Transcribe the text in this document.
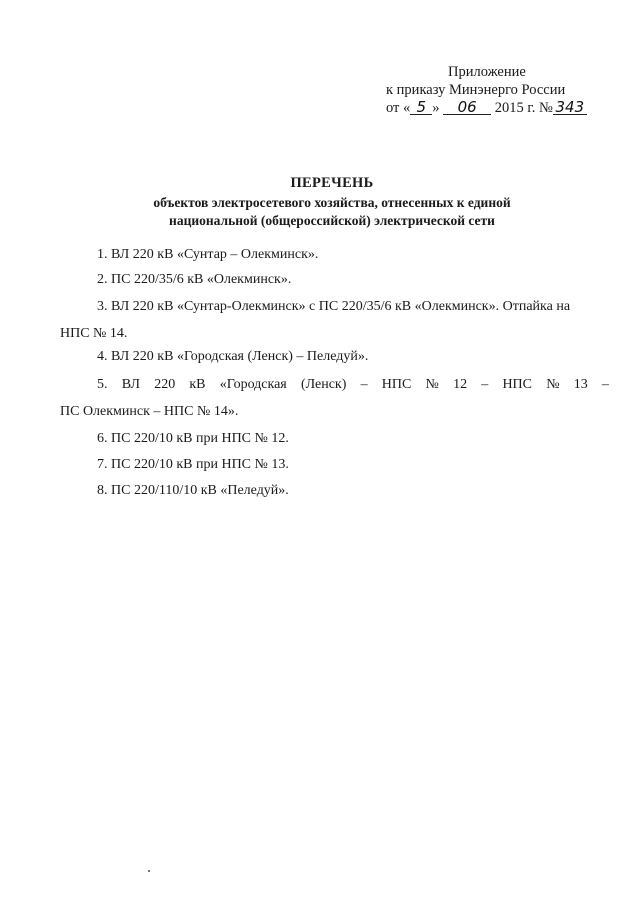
Приложение
к приказу Минэнерго России
от « 5 » 06 2015 г. № 343
ПЕРЕЧЕНЬ
объектов электросетевого хозяйства, отнесенных к единой
национальной (общероссийской) электрической сети
1. ВЛ 220 кВ «Сунтар – Олекминск».
2. ПС 220/35/6 кВ «Олекминск».
3. ВЛ 220 кВ «Сунтар-Олекминск» с ПС 220/35/6 кВ «Олекминск». Отпайка на
НПС № 14.
4. ВЛ 220 кВ «Городская (Ленск) – Пеледуй».
5. ВЛ 220 кВ «Городская (Ленск) – НПС № 12 – НПС № 13 –
ПС Олекминск – НПС № 14».
6. ПС 220/10 кВ при НПС № 12.
7. ПС 220/10 кВ при НПС № 13.
8. ПС 220/110/10 кВ «Пеледуй».
